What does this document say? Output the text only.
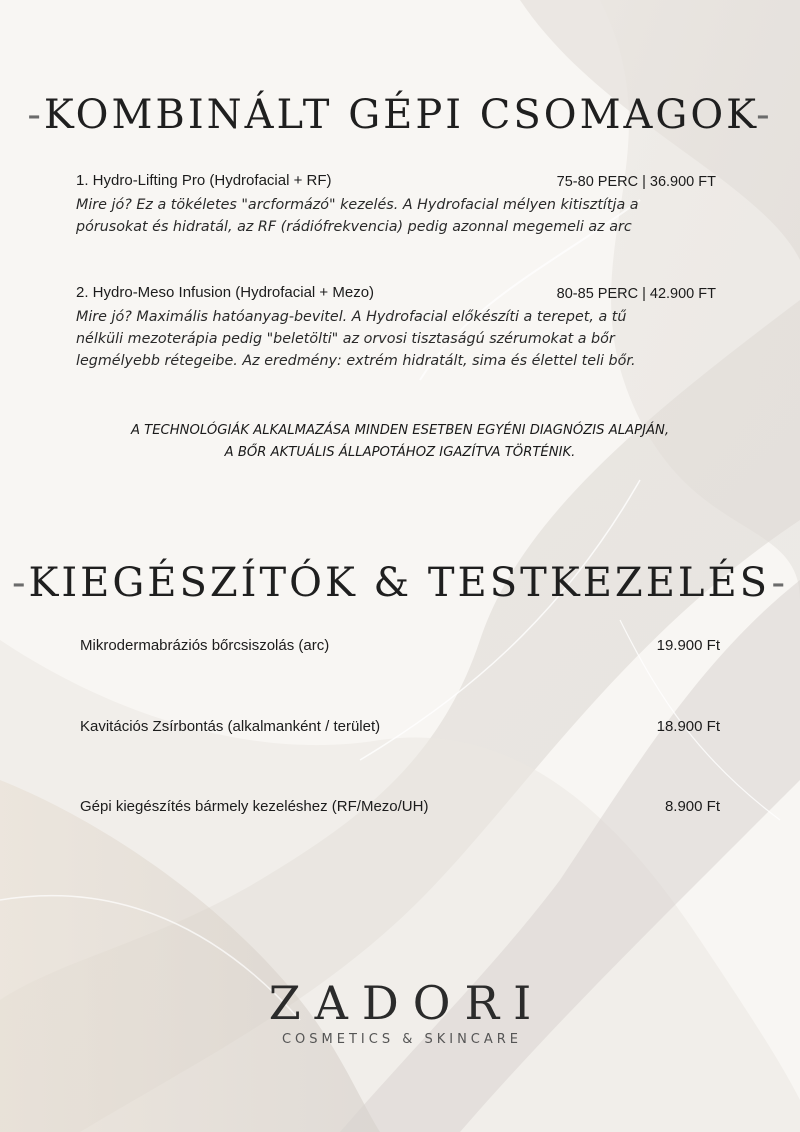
-KOMBINÁLT GÉPI CSOMAGOK-
1. Hydro-Lifting Pro (Hydrofacial + RF)	75-80 PERC | 36.900 FT
Mire jó? Ez a tökéletes "arcformázó" kezelés. A Hydrofacial mélyen kitisztítja a
pórusokat és hidratál, az RF (rádiófrekvencia) pedig azonnal megemeli az arc
2. Hydro-Meso Infusion (Hydrofacial + Mezo)	80-85 PERC | 42.900 FT
Mire jó? Maximális hatóanyag-bevitel. A Hydrofacial előkészíti a terepet, a tű
nélküli mezoterápia pedig "beletölti" az orvosi tisztaságú szérumokat a bőr
legmélyebb rétegeibe. Az eredmény: extrém hidratált, sima és élettel teli bőr.
A TECHNOLÓGIÁK ALKALMAZÁSA MINDEN ESETBEN EGYÉNI DIAGNÓZIS ALAPJÁN,
A BŐR AKTUÁLIS ÁLLAPOTÁHOZ IGAZÍTVA TÖRTÉNIK.
-KIEGÉSZÍTÓK & TESTKEZELÉS-
Mikrodermabráziós bőrcsiszolás (arc)	19.900 Ft
Kavitációs Zsírbontás (alkalmanként / terület)	18.900 Ft
Gépi kiegészítés bármely kezeléshez (RF/Mezo/UH)	8.900 Ft
ZADORI
COSMETICS & SKINCARE
